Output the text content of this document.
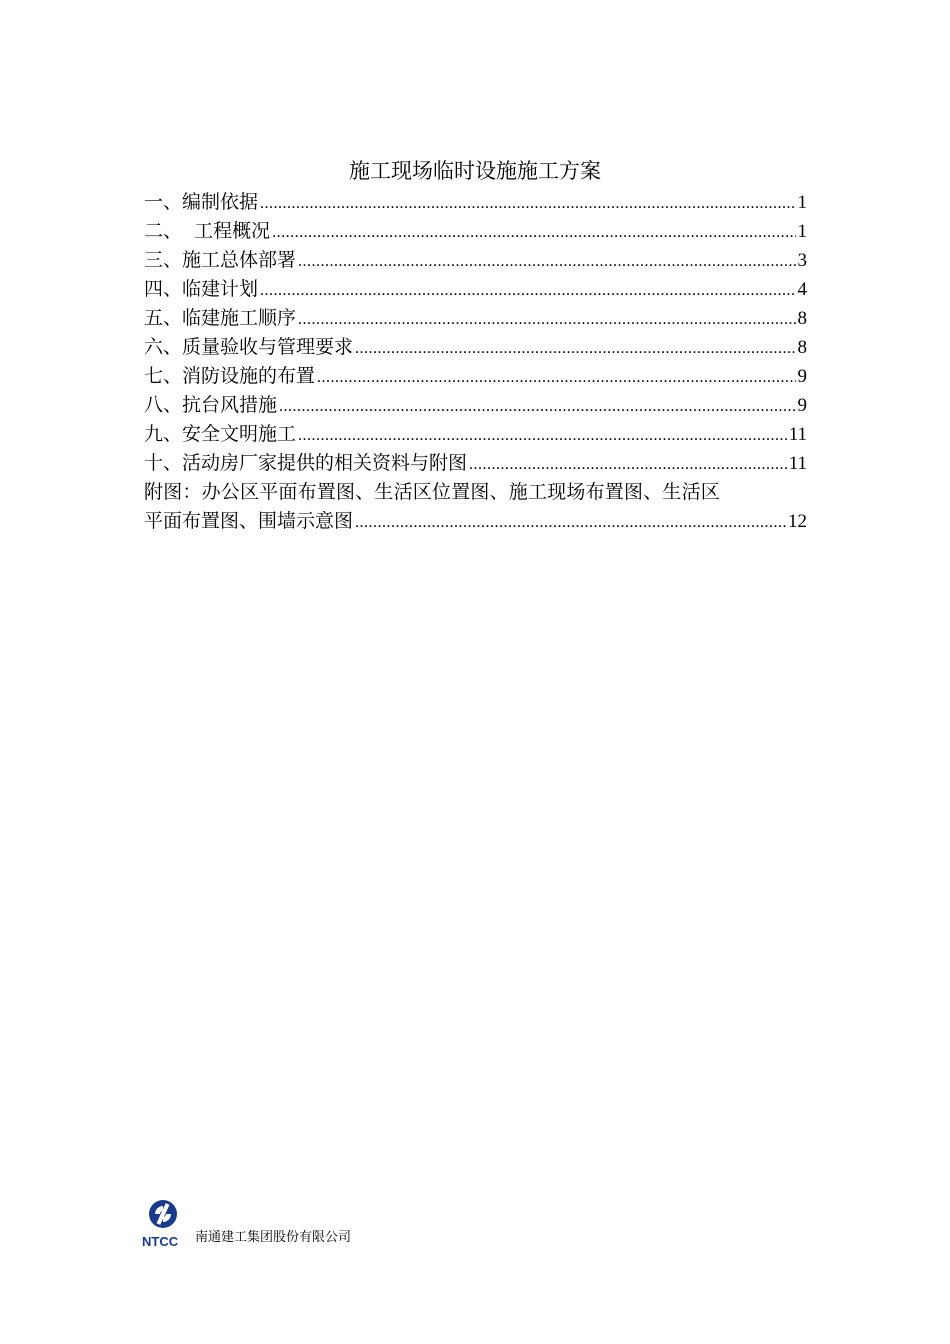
施工现场临时设施施工方案
一、编制依据 .....	1
二、  工程概况 .....	1
三、施工总体部署 .....	3
四、临建计划 .....	4
五、临建施工顺序 .....	8
六、质量验收与管理要求 .....	8
七、消防设施的布置 .....	9
八、抗台风措施 .....	9
九、安全文明施工 .....	11
十、活动房厂家提供的相关资料与附图 .....	11
附图：办公区平面布置图、生活区位置图、施工现场布置图、生活区
平面布置图、围墙示意图 .....	12
NTCC 南通建工集团股份有限公司
